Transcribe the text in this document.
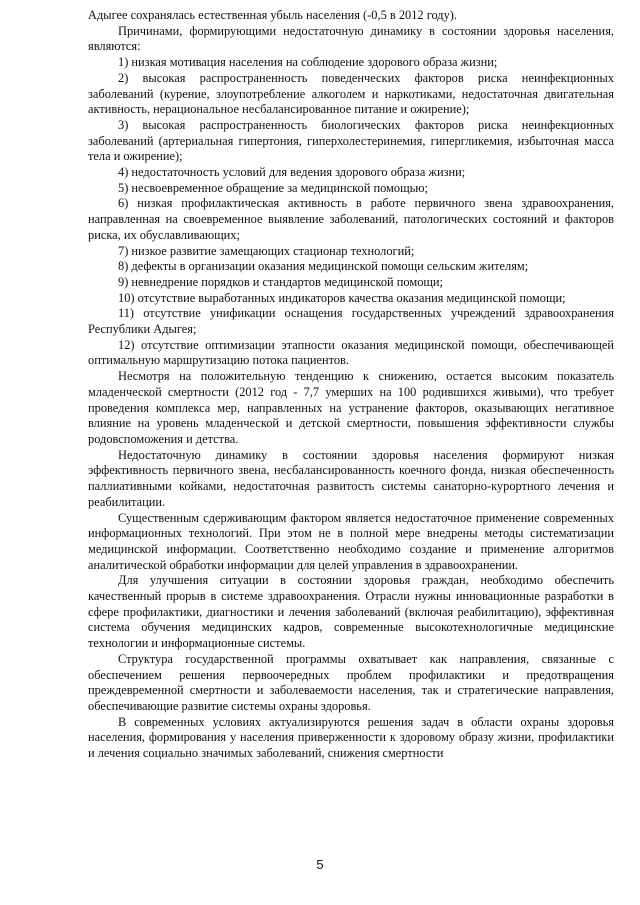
Адыгее сохранялась естественная убыль населения (-0,5 в 2012 году).

Причинами, формирующими недостаточную динамику в состоянии здоровья населения, являются:

1) низкая мотивация населения на соблюдение здорового образа жизни;

2) высокая распространенность поведенческих факторов риска неинфекционных заболеваний (курение, злоупотребление алкоголем и наркотиками, недостаточная двигательная активность, нерациональное несбалансированное питание и ожирение);

3) высокая распространенность биологических факторов риска неинфекционных заболеваний (артериальная гипертония, гиперхолестеринемия, гипергликемия, избыточная масса тела и ожирение);

4) недостаточность условий для ведения здорового образа жизни;

5) несвоевременное обращение за медицинской помощью;

6) низкая профилактическая активность в работе первичного звена здравоохранения, направленная на своевременное выявление заболеваний, патологических состояний и факторов риска, их обуславливающих;

7) низкое развитие замещающих стационар технологий;

8) дефекты в организации оказания медицинской помощи сельским жителям;

9) невнедрение порядков и стандартов медицинской помощи;

10) отсутствие выработанных индикаторов качества оказания медицинской помощи;

11) отсутствие унификации оснащения государственных учреждений здравоохранения Республики Адыгея;

12) отсутствие оптимизации этапности оказания медицинской помощи, обеспечивающей оптимальную маршрутизацию потока пациентов.

Несмотря на положительную тенденцию к снижению, остается высоким показатель младенческой смертности (2012 год - 7,7 умерших на 100 родившихся живыми), что требует проведения комплекса мер, направленных на устранение факторов, оказывающих негативное влияние на уровень младенческой и детской смертности, повышения эффективности службы родовспоможения и детства.

Недостаточную динамику в состоянии здоровья населения формируют низкая эффективность первичного звена, несбалансированность коечного фонда, низкая обеспеченность паллиативными койками, недостаточная развитость системы санаторно-курортного лечения и реабилитации.

Существенным сдерживающим фактором является недостаточное применение современных информационных технологий. При этом не в полной мере внедрены методы систематизации медицинской информации. Соответственно необходимо создание и применение алгоритмов аналитической обработки информации для целей управления в здравоохранении.

Для улучшения ситуации в состоянии здоровья граждан, необходимо обеспечить качественный прорыв в системе здравоохранения. Отрасли нужны инновационные разработки в сфере профилактики, диагностики и лечения заболеваний (включая реабилитацию), эффективная система обучения медицинских кадров, современные высокотехнологичные медицинские технологии и информационные системы.

Структура государственной программы охватывает как направления, связанные с обеспечением решения первоочередных проблем профилактики и предотвращения преждевременной смертности и заболеваемости населения, так и стратегические направления, обеспечивающие развитие системы охраны здоровья.

В современных условиях актуализируются решения задач в области охраны здоровья населения, формирования у населения приверженности к здоровому образу жизни, профилактики и лечения социально значимых заболеваний, снижения смертности

5
